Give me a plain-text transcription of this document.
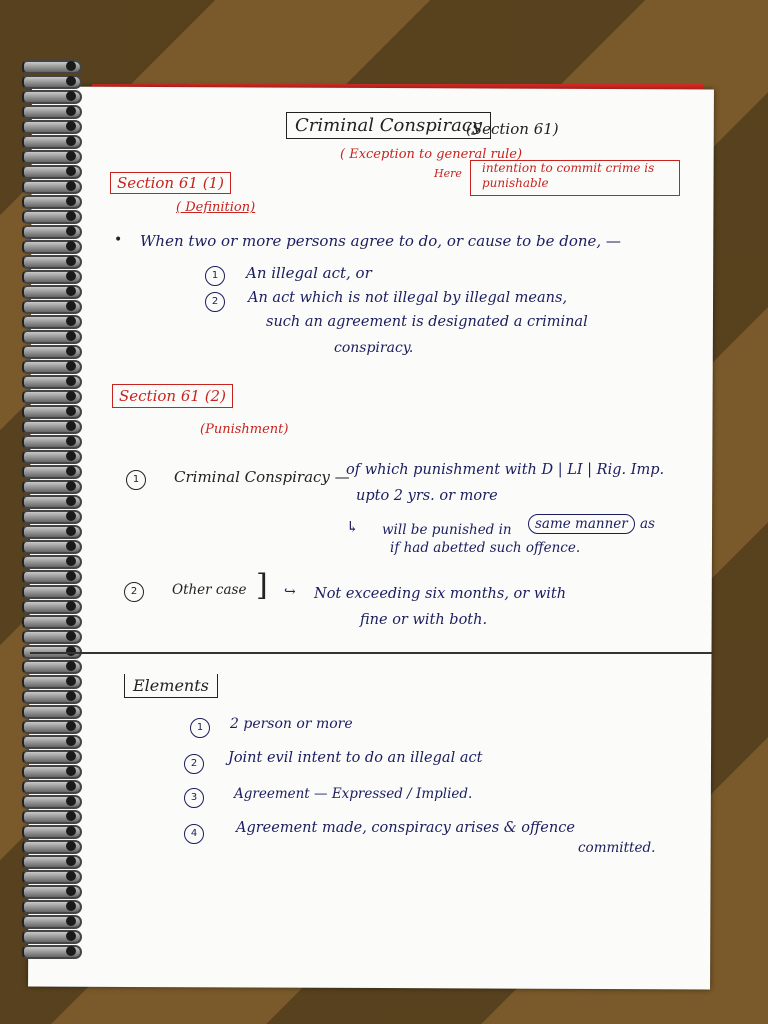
Criminal Conspiracy
(Section 61)
( Exception to general rule)
Here intention to commit crime is punishable
Section 61 (1)
( Definition)
• When two or more persons agree to do, or cause to be done, —
1	An illegal act, or
2	An act which is not illegal by illegal means,
such an agreement is designated a criminal
conspiracy.
Section 61 (2)
(Punishment)
1	Criminal Conspiracy —
of which punishment with D | LI | Rig. Imp.
upto 2 yrs. or more
↳ will be punished in	same manner as
if had abetted such offence.
2	Other case ] ↪ Not exceeding six months, or with
fine or with both.
Elements
1	2 person or more
2	Joint evil intent to do an illegal act
3	Agreement — Expressed / Implied.
4	Agreement made, conspiracy arises & offence
committed.
